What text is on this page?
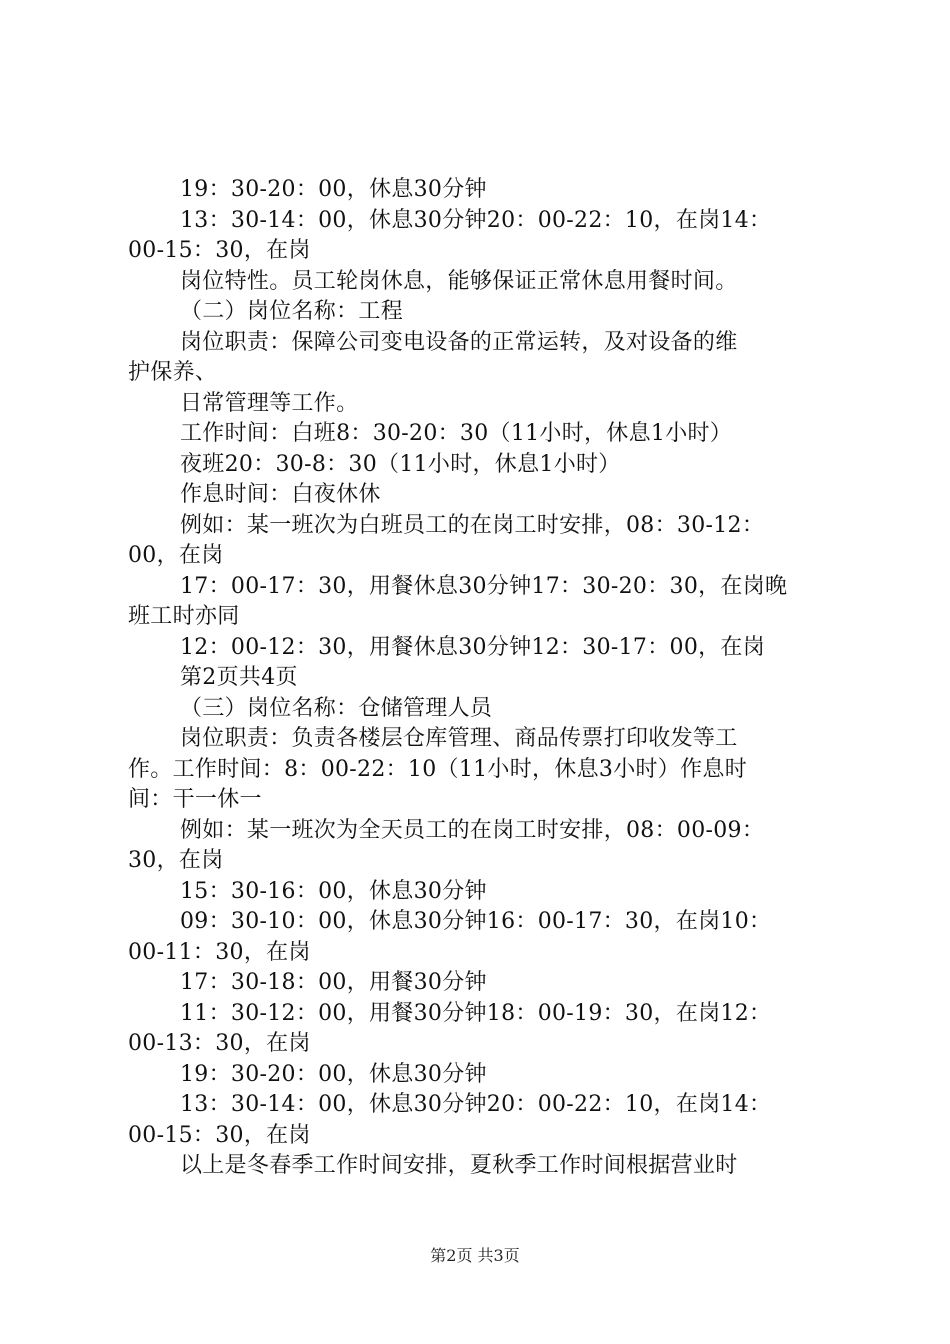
19：30-20：00，休息30分钟
13：30-14：00，休息30分钟20：00-22：10，在岗14：
00-15：30，在岗
岗位特性。员工轮岗休息，能够保证正常休息用餐时间。
（二）岗位名称：工程
岗位职责：保障公司变电设备的正常运转，及对设备的维
护保养、
日常管理等工作。
工作时间：白班8：30-20：30（11小时，休息1小时）
夜班20：30-8：30（11小时，休息1小时）
作息时间：白夜休休
例如：某一班次为白班员工的在岗工时安排，08：30-12：
00，在岗
17：00-17：30，用餐休息30分钟17：30-20：30，在岗晚
班工时亦同
12：00-12：30，用餐休息30分钟12：30-17：00，在岗
第2页共4页
（三）岗位名称：仓储管理人员
岗位职责：负责各楼层仓库管理、商品传票打印收发等工
作。工作时间：8：00-22：10（11小时，休息3小时）作息时
间：干一休一
例如：某一班次为全天员工的在岗工时安排，08：00-09：
30，在岗
15：30-16：00，休息30分钟
09：30-10：00，休息30分钟16：00-17：30，在岗10：
00-11：30，在岗
17：30-18：00，用餐30分钟
11：30-12：00，用餐30分钟18：00-19：30，在岗12：
00-13：30，在岗
19：30-20：00，休息30分钟
13：30-14：00，休息30分钟20：00-22：10，在岗14：
00-15：30，在岗
以上是冬春季工作时间安排，夏秋季工作时间根据营业时
第2页 共3页
